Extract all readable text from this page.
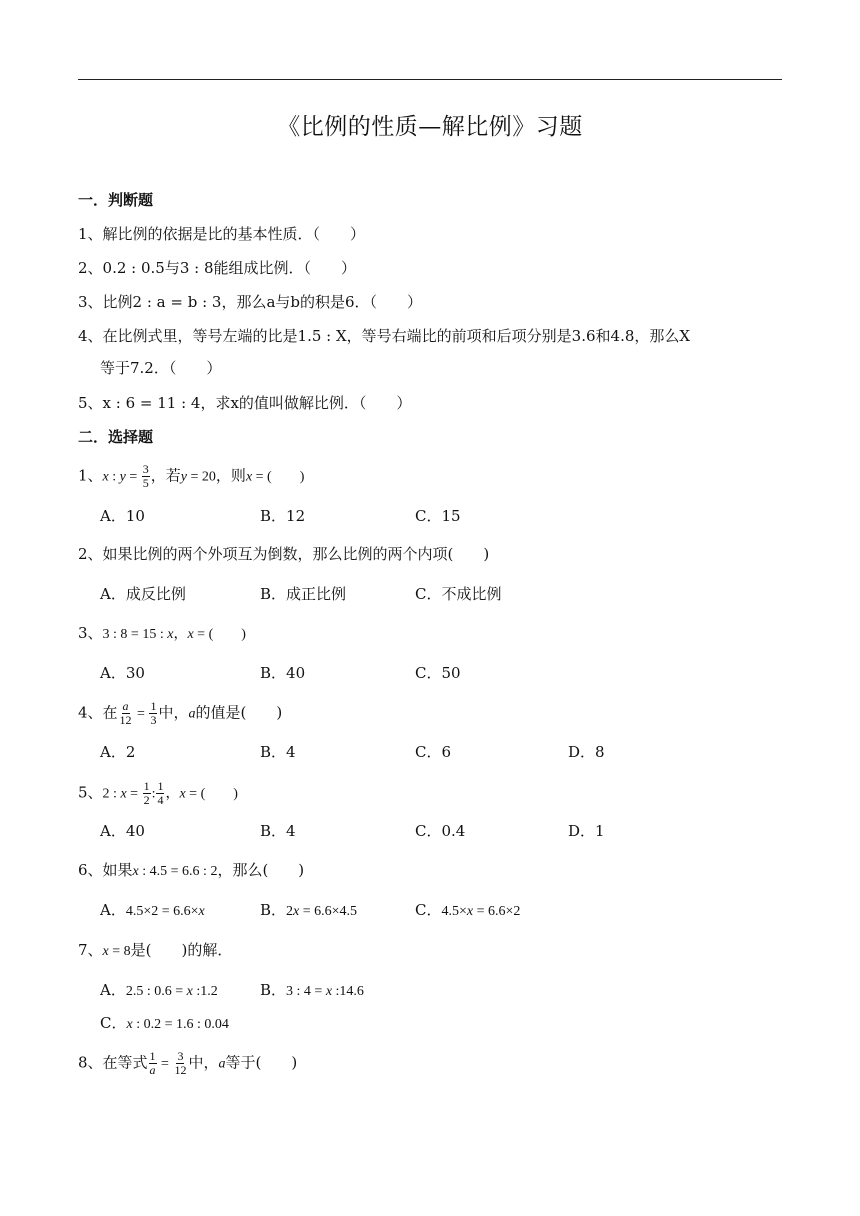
《比例的性质—解比例》习题
一．判断题
1、解比例的依据是比的基本性质．（　　）
2、0.2 : 0.5与3 : 8能组成比例．（　　）
3、比例2 : a = b : 3，那么a与b的积是6．（　　）
4、在比例式里，等号左端的比是1.5 : X，等号右端比的前项和后项分别是3.6和4.8，那么X
等于7.2．（　　）
5、x : 6 = 11 : 4，求x的值叫做解比例．（　　）
二．选择题
1、x : $y = \frac{3}{5}$ ，若y = 20，则x = (　　)
A．10	B．12	C．15
2、如果比例的两个外项互为倒数，那么比例的两个内项(　　)
A．成反比例	B．成正比例	C．不成比例
3、3 : 8 = 15 : x，x = (　　)
A．30	B．40	C．50
4、在 $\frac{a}{12} = \frac{1}{3}$ 中，a的值是(　　)
A．2	B．4	C．6	D．8
5、2 : $x = \frac{1}{2}$ : $\frac{1}{4}$ ，x = (　　)
A．40	B．4	C．0.4	D．1
6、如果x : 4.5 = 6.6 : 2，那么(　　)
A．4.5×2 = 6.6×x	B．2x = 6.6×4.5	C．4.5×x = 6.6×2
7、x = 8是(　　)的解．
A．2.5 : 0.6 = x :1.2	B．3 : 4 = x :14.6
C．x : 0.2 = 1.6 : 0.04
8、在等式 $\frac{1}{a} = \frac{3}{12}$ 中，a等于(　　)
